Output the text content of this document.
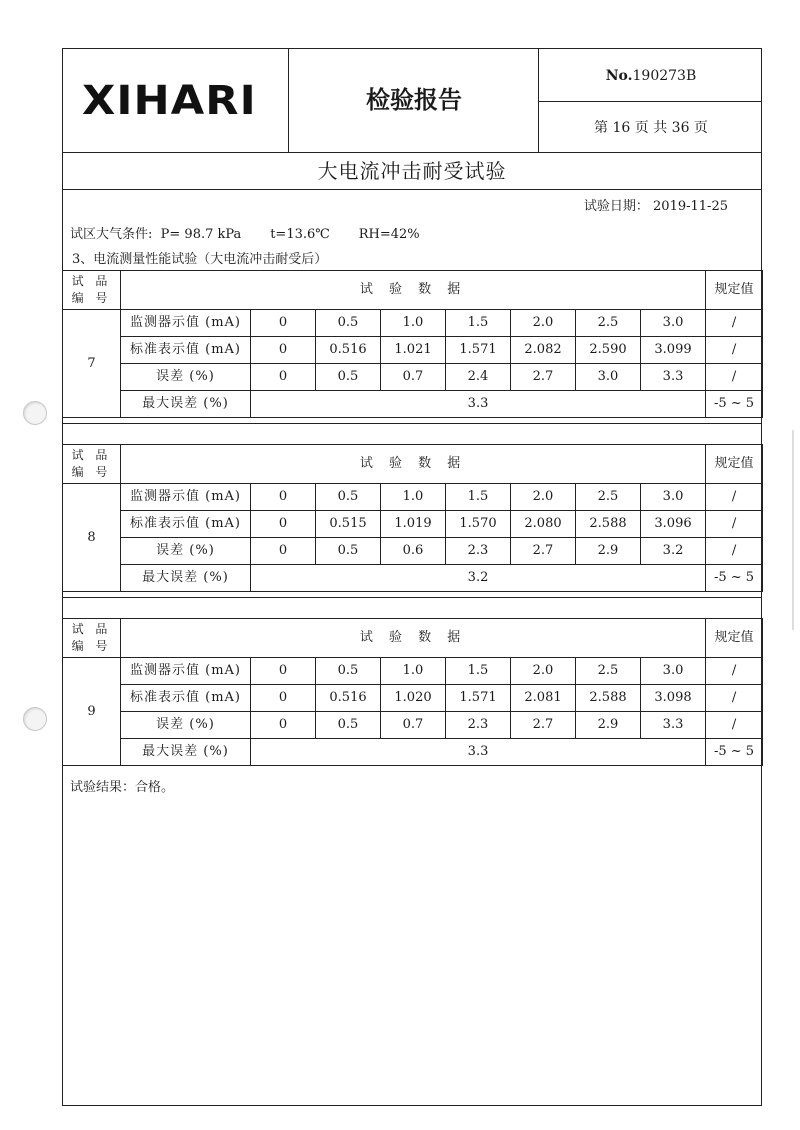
XIHARI	检验报告
No.190273B
第 16 页 共 36 页
大电流冲击耐受试验
试验日期： 2019-11-25
试区大气条件:  P= 98.7 kPa       t=13.6℃       RH=42%
3、电流测量性能试验（大电流冲击耐受后）
试 品 编 号	试 验 数 据								规定值
7	监测器示值 (mA)	0	0.5	1.0	1.5	2.0	2.5	3.0	/
	标准表示值 (mA)	0	0.516	1.021	1.571	2.082	2.590	3.099	/
	误差 (%)	0	0.5	0.7	2.4	2.7	3.0	3.3	/
	最大误差 (%)	3.3							-5 ~ 5
试 品 编 号	试 验 数 据								规定值
8	监测器示值 (mA)	0	0.5	1.0	1.5	2.0	2.5	3.0	/
	标准表示值 (mA)	0	0.515	1.019	1.570	2.080	2.588	3.096	/
	误差 (%)	0	0.5	0.6	2.3	2.7	2.9	3.2	/
	最大误差 (%)	3.2							-5 ~ 5
试 品 编 号	试 验 数 据								规定值
9	监测器示值 (mA)	0	0.5	1.0	1.5	2.0	2.5	3.0	/
	标准表示值 (mA)	0	0.516	1.020	1.571	2.081	2.588	3.098	/
	误差 (%)	0	0.5	0.7	2.3	2.7	2.9	3.3	/
	最大误差 (%)	3.3							-5 ~ 5
试验结果：合格。
